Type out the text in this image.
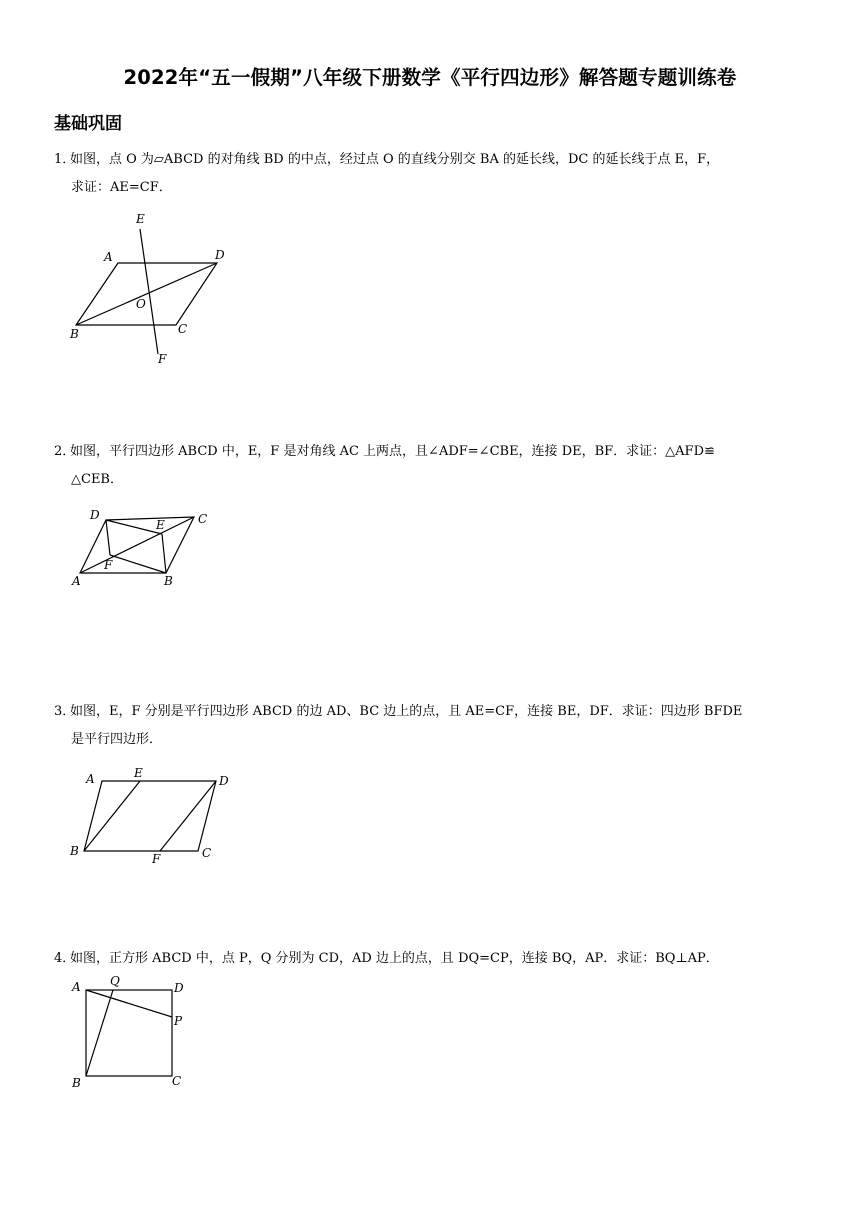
2022年“五一假期”八年级下册数学《平行四边形》解答题专题训练卷
基础巩固
1．如图，点 O 为▱ABCD 的对角线 BD 的中点，经过点 O 的直线分别交 BA 的延长线，DC 的延长线于点 E，F，
求证：AE=CF．
E
A	D
O
B	C
F
2．如图，平行四边形 ABCD 中，E，F 是对角线 AC 上两点，且∠ADF=∠CBE，连接 DE，BF．求证：△AFD≌
△CEB．
D
E	C
F
A	B
3．如图，E，F 分别是平行四边形 ABCD 的边 AD、BC 边上的点，且 AE=CF，连接 BE，DF．求证：四边形 BFDE
是平行四边形．
A	E
D
B
F	C
4．如图，正方形 ABCD 中，点 P，Q 分别为 CD，AD 边上的点，且 DQ=CP，连接 BQ，AP．求证：BQ⊥AP．
A Q	D
P
B	C
